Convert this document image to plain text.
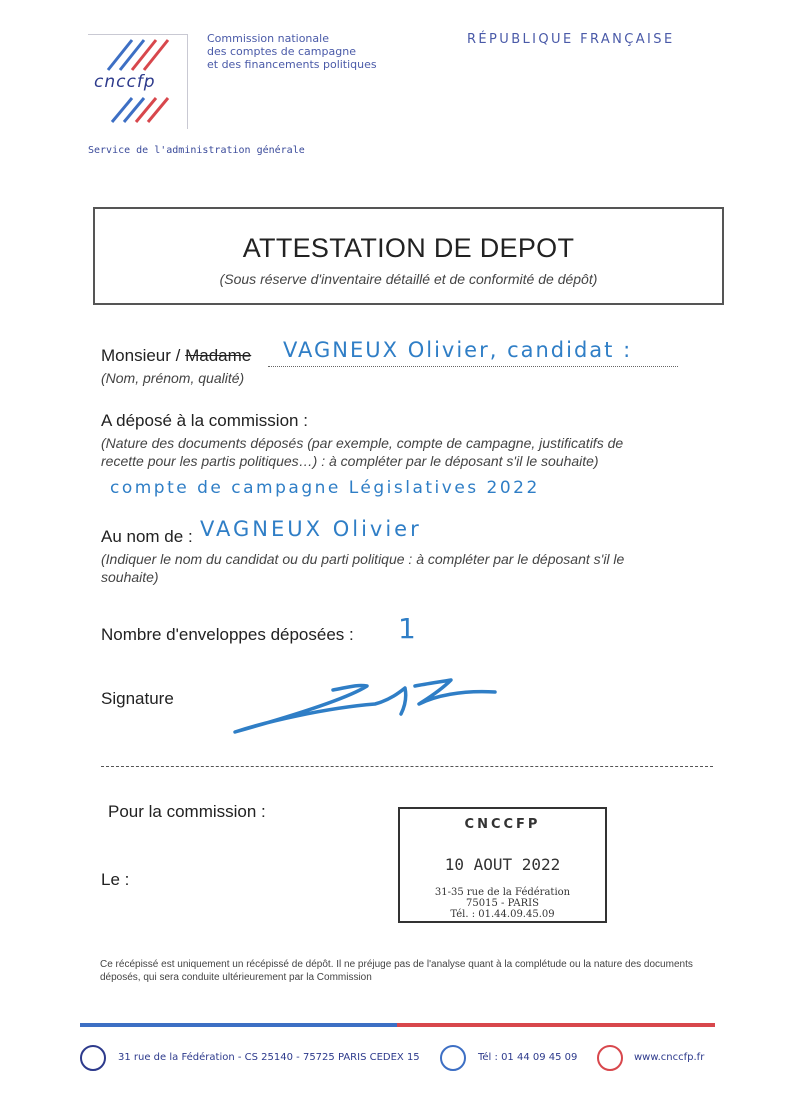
cnccfp
Commission nationale
des comptes de campagne
et des financements politiques
RÉPUBLIQUE FRANÇAISE
Service de l'administration générale
ATTESTATION DE DEPOT
(Sous réserve d'inventaire détaillé et de conformité de dépôt)
Monsieur / Madame VAGNEUX Olivier, candidat :
(Nom, prénom, qualité)
A déposé à la commission :
(Nature des documents déposés (par exemple, compte de campagne, justificatifs de
recette pour les partis politiques…) : à compléter par le déposant s'il le souhaite)
compte de campagne Législatives 2022
Au nom de : VAGNEUX Olivier
(Indiquer le nom du candidat ou du parti politique : à compléter par le déposant s'il le
souhaite)
Nombre d'enveloppes déposées : 1
Signature
Pour la commission :
Le :
CNCCFP
10 AOUT 2022
31-35 rue de la Fédération
75015 - PARIS
Tél. : 01.44.09.45.09
Ce récépissé est uniquement un récépissé de dépôt. Il ne préjuge pas de l'analyse quant à la complétude ou la nature des documents déposés, qui sera conduite ultérieurement par la Commission
31 rue de la Fédération - CS 25140 - 75725 PARIS CEDEX 15	Tél : 01 44 09 45 09	www.cnccfp.fr
